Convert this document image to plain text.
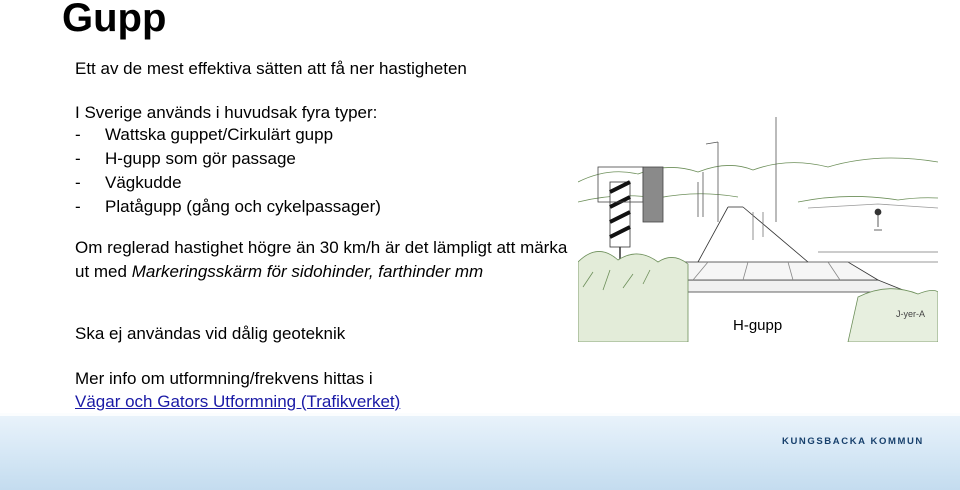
Gupp
Ett av de mest effektiva sätten att få ner hastigheten
I Sverige används i huvudsak fyra typer:
-	Wattska guppet/Cirkulärt gupp
-	H-gupp som gör passage
-	Vägkudde
-	Platågupp (gång och cykelpassager)
Om reglerad hastighet högre än 30 km/h är det lämpligt att märka ut med Markeringsskärm för sidohinder, farthinder mm
Ska ej användas vid dålig geoteknik
Mer info om utformning/frekvens hittas i
Vägar och Gators Utformning (Trafikverket)
J-yer-A
H-gupp
KUNGSBACKA KOMMUN
